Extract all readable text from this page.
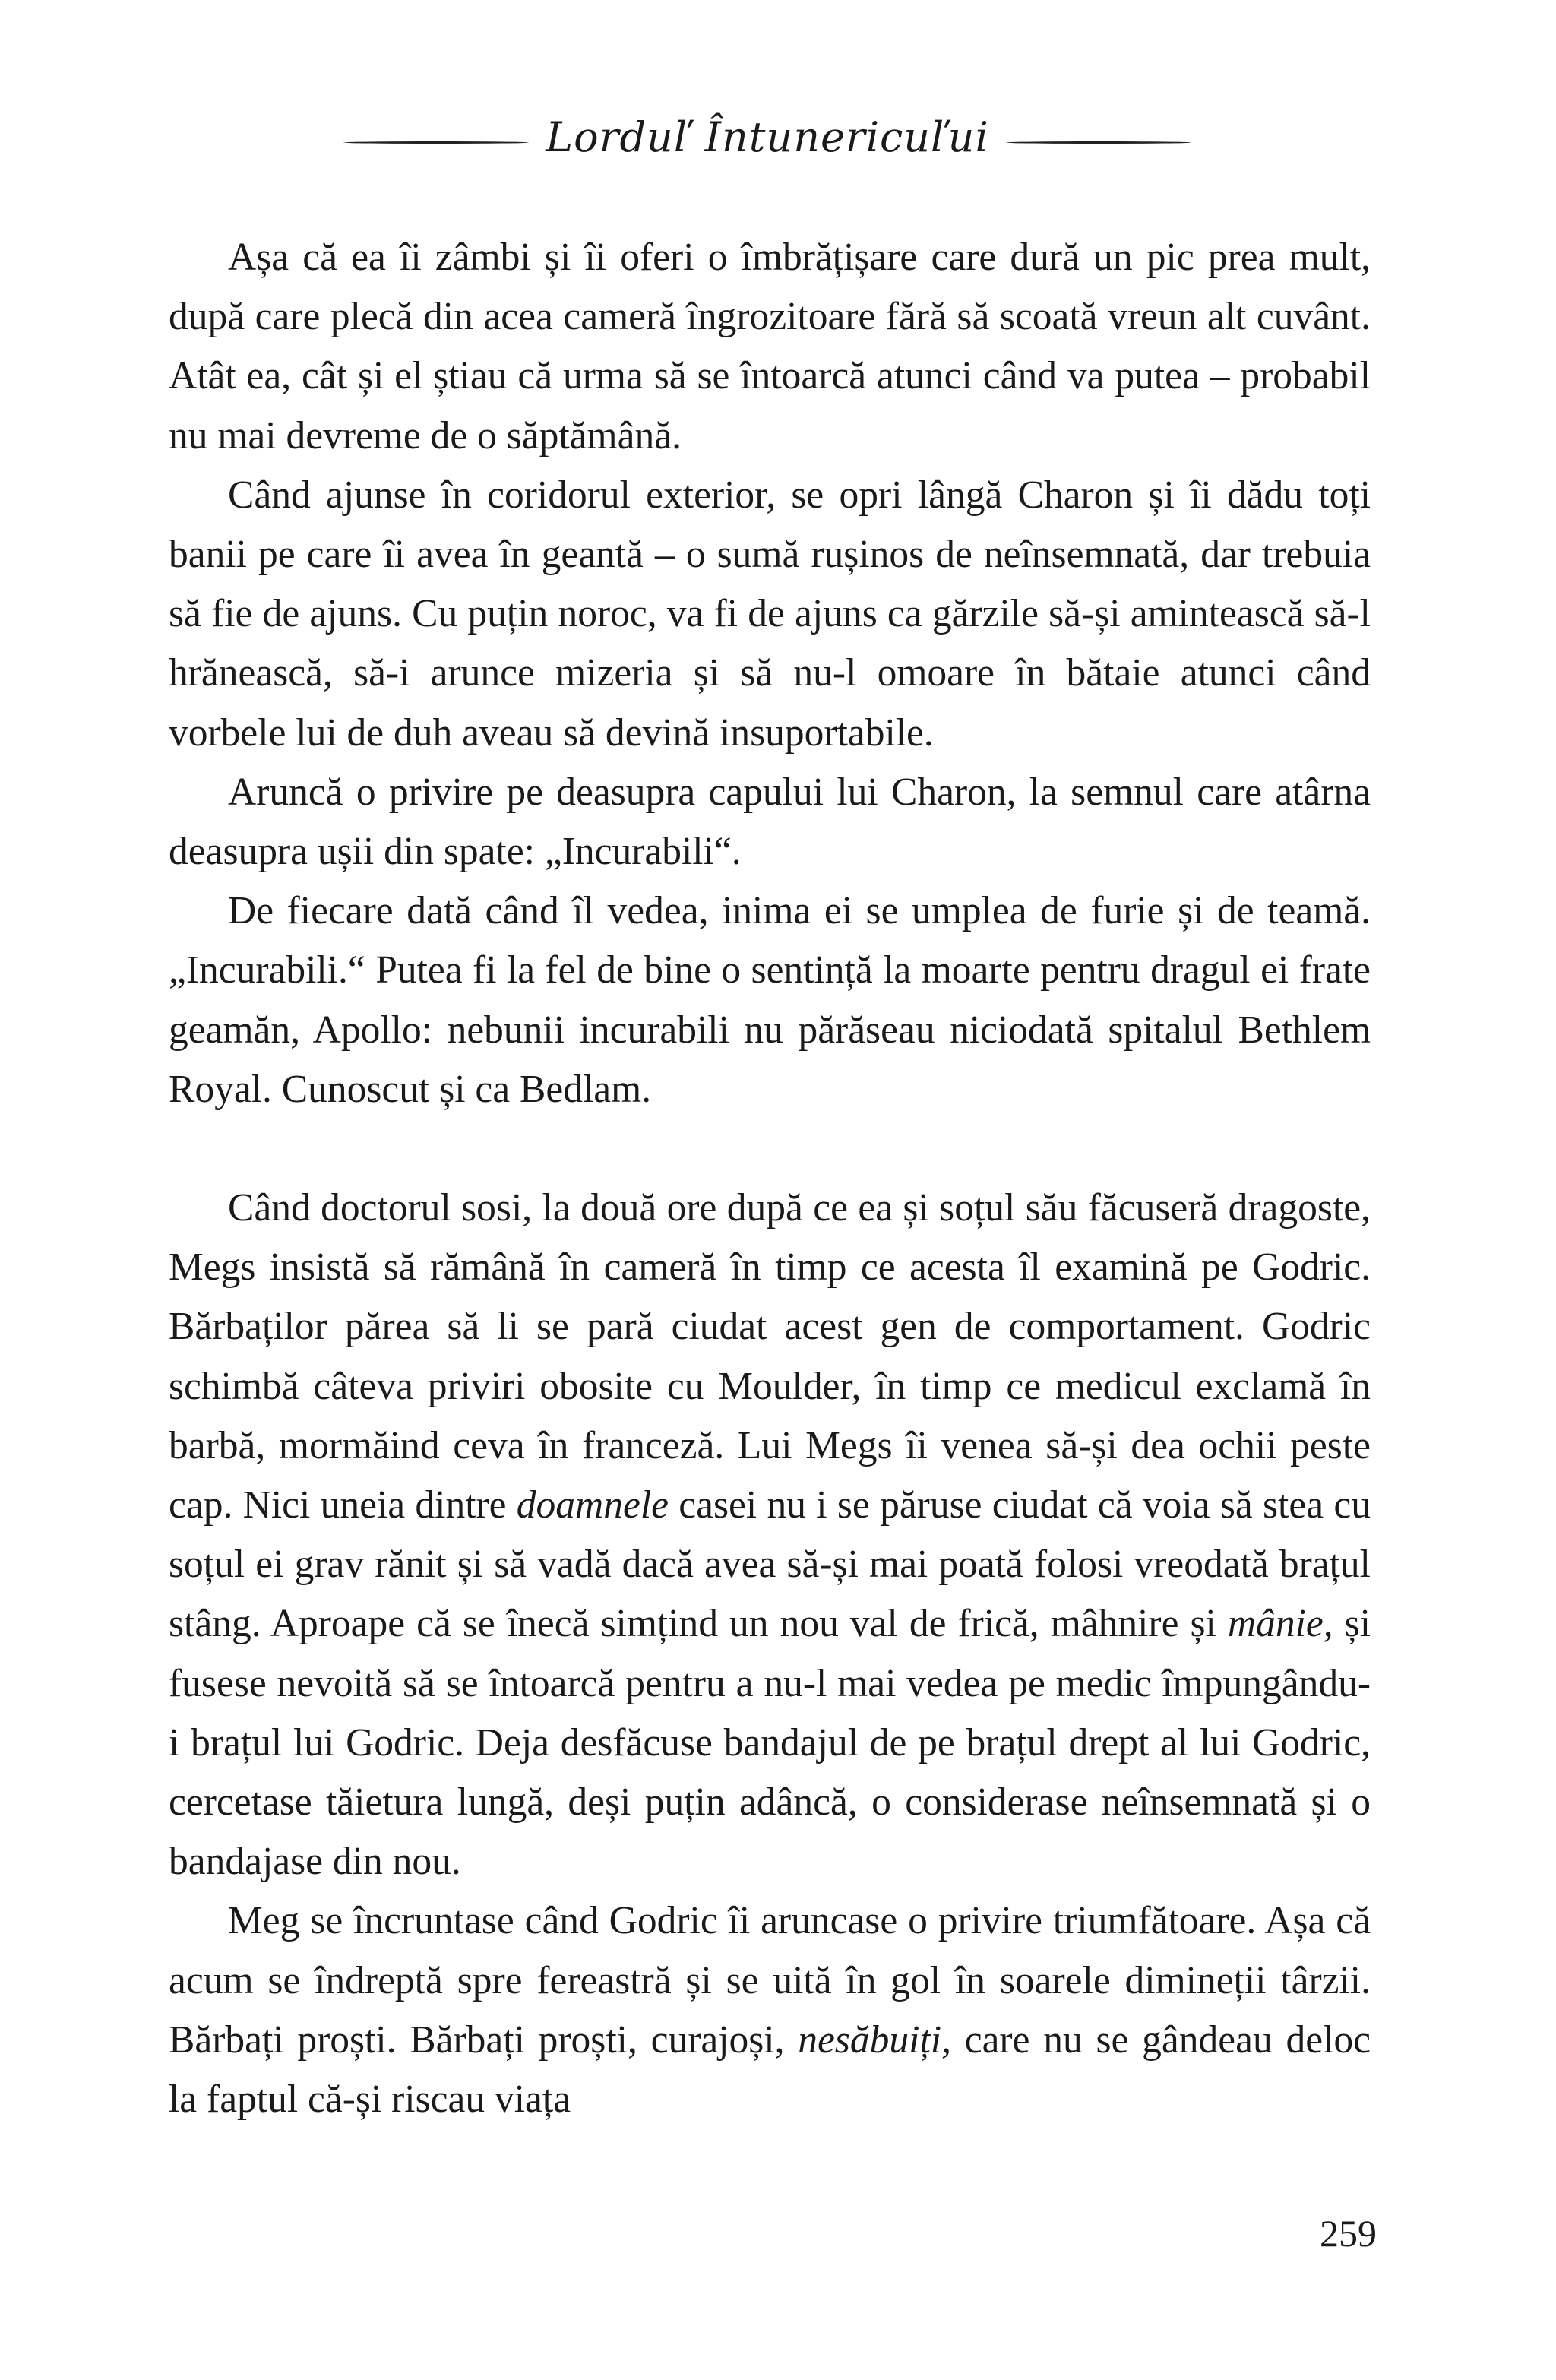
Lorduľ Întunericuľui

Așa că ea îi zâmbi și îi oferi o îmbrățișare care dură un pic prea mult, după care plecă din acea cameră îngrozitoare fără să scoată vreun alt cuvânt. Atât ea, cât și el știau că urma să se întoarcă atunci când va putea – probabil nu mai devreme de o săptămână.

Când ajunse în coridorul exterior, se opri lângă Charon și îi dădu toți banii pe care îi avea în geantă – o sumă rușinos de neînsemnată, dar trebuia să fie de ajuns. Cu puțin noroc, va fi de ajuns ca gărzile să-și amintească să-l hrănească, să-i arunce mizeria și să nu-l omoare în bătaie atunci când vorbele lui de duh aveau să devină insuportabile.

Aruncă o privire pe deasupra capului lui Charon, la semnul care atârna deasupra ușii din spate: „Incurabili“.

De fiecare dată când îl vedea, inima ei se umplea de furie și de teamă. „Incurabili.“ Putea fi la fel de bine o sentință la moarte pentru dragul ei frate geamăn, Apollo: nebunii incurabili nu părăseau niciodată spitalul Bethlem Royal. Cunoscut și ca Bedlam.

Când doctorul sosi, la două ore după ce ea și soțul său făcuseră dragoste, Megs insistă să rămână în cameră în timp ce acesta îl examină pe Godric. Bărbaților părea să li se pară ciudat acest gen de comportament. Godric schimbă câteva priviri obosite cu Moulder, în timp ce medicul exclamă în barbă, mormăind ceva în franceză. Lui Megs îi venea să-și dea ochii peste cap. Nici uneia dintre doamnele casei nu i se păruse ciudat că voia să stea cu soțul ei grav rănit și să vadă dacă avea să-și mai poată folosi vreodată brațul stâng. Aproape că se înecă simțind un nou val de frică, mâhnire și mânie, și fusese nevoită să se întoarcă pentru a nu-l mai vedea pe medic împungându-i brațul lui Godric. Deja desfăcuse bandajul de pe brațul drept al lui Godric, cercetase tăietura lungă, deși puțin adâncă, o considerase neînsemnată și o bandajase din nou.

Meg se încruntase când Godric îi aruncase o privire triumfătoare. Așa că acum se îndreptă spre fereastră și se uită în gol în soarele dimineții târzii. Bărbați proști. Bărbați proști, curajoși, nesăbuiți, care nu se gândeau deloc la faptul că-și riscau viața

259
